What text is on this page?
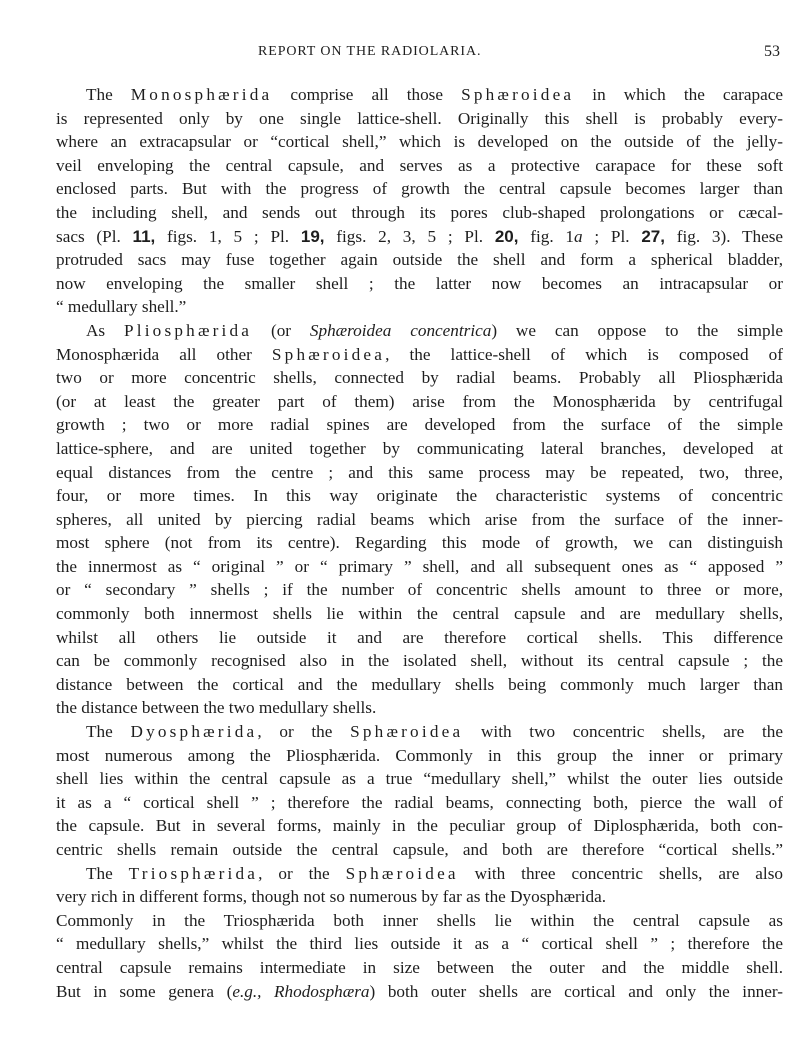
REPORT ON THE RADIOLARIA.	53
The Monosphærida comprise all those Sphæroidea in which the carapace
is represented only by one single lattice-shell. Originally this shell is probably every-
where an extracapsular or “cortical shell,” which is developed on the outside of the jelly-
veil enveloping the central capsule, and serves as a protective carapace for these soft
enclosed parts. But with the progress of growth the central capsule becomes larger than
the including shell, and sends out through its pores club-shaped prolongations or cæcal-
sacs (Pl. 11, figs. 1, 5 ; Pl. 19, figs. 2, 3, 5 ; Pl. 20, fig. 1a ; Pl. 27, fig. 3). These
protruded sacs may fuse together again outside the shell and form a spherical bladder,
now enveloping the smaller shell ; the latter now becomes an intracapsular or
“ medullary shell.”
As Pliosphærida (or Sphæroidea concentrica) we can oppose to the simple
Monosphærida all other Sphæroidea, the lattice-shell of which is composed of
two or more concentric shells, connected by radial beams. Probably all Pliosphærida
(or at least the greater part of them) arise from the Monosphærida by centrifugal
growth ; two or more radial spines are developed from the surface of the simple
lattice-sphere, and are united together by communicating lateral branches, developed at
equal distances from the centre ; and this same process may be repeated, two, three,
four, or more times. In this way originate the characteristic systems of concentric
spheres, all united by piercing radial beams which arise from the surface of the inner-
most sphere (not from its centre). Regarding this mode of growth, we can distinguish
the innermost as “ original ” or “ primary ” shell, and all subsequent ones as “ apposed ”
or “ secondary ” shells ; if the number of concentric shells amount to three or more,
commonly both innermost shells lie within the central capsule and are medullary shells,
whilst all others lie outside it and are therefore cortical shells. This difference
can be commonly recognised also in the isolated shell, without its central capsule ; the
distance between the cortical and the medullary shells being commonly much larger than
the distance between the two medullary shells.
The Dyosphærida, or the Sphæroidea with two concentric shells, are the
most numerous among the Pliosphærida. Commonly in this group the inner or primary
shell lies within the central capsule as a true “medullary shell,” whilst the outer lies outside
it as a “ cortical shell ” ; therefore the radial beams, connecting both, pierce the wall of
the capsule. But in several forms, mainly in the peculiar group of Diplosphærida, both con-
centric shells remain outside the central capsule, and both are therefore “cortical shells.”
The Triosphærida, or the Sphæroidea with three concentric shells, are also
very rich in different forms, though not so numerous by far as the Dyosphærida.
Commonly in the Triosphærida both inner shells lie within the central capsule as
“ medullary shells,” whilst the third lies outside it as a “ cortical shell ” ; therefore the
central capsule remains intermediate in size between the outer and the middle shell.
But in some genera (e.g., Rhodosphæra) both outer shells are cortical and only the inner-
